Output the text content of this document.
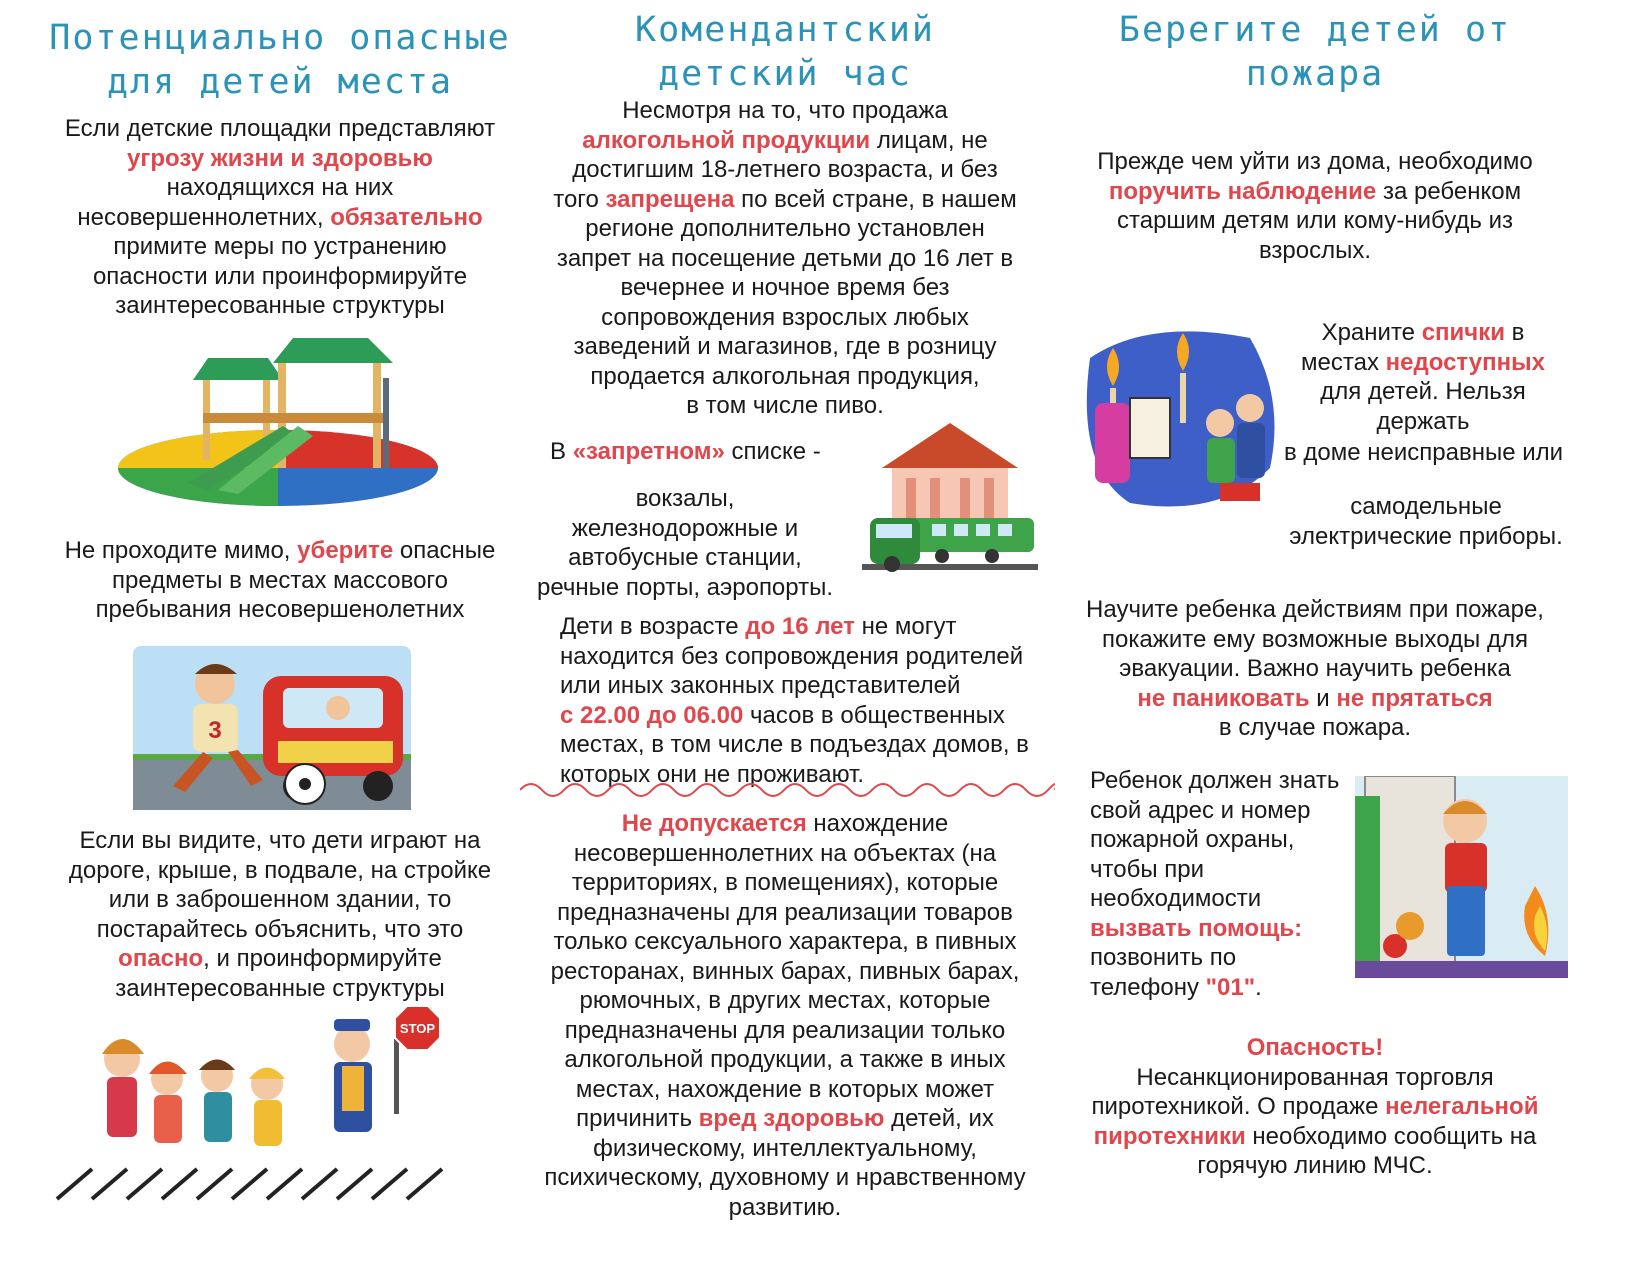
Потенциально опасные
для детей места

Если детские площадки представляют
угрозу жизни и здоровью
находящихся на них
несовершеннолетних, обязательно
примите меры по устранению
опасности или проинформируйте
заинтересованные структуры

Не проходите мимо, уберите опасные
предметы в местах массового
пребывания несовершенолетних

3

Если вы видите, что дети играют на
дороге, крыше, в подвале, на стройке
или в заброшенном здании, то
постарайтесь объяснить, что это
опасно, и проинформируйте
заинтересованные структуры

STOP
Комендантский
детский час

Несмотря на то, что продажа
алкогольной продукции лицам, не
достигшим 18-летнего возраста, и без
того запрещена по всей стране, в нашем
регионе дополнительно установлен
запрет на посещение детьми до 16 лет в
вечернее и ночное время без
сопровождения взрослых любых
заведений и магазинов, где в розницу
продается алкогольная продукция,
в том числе пиво.

В «запретном» списке -

вокзалы,
железнодорожные и
автобусные станции,
речные порты, аэропорты.

Дети в возрасте до 16 лет не могут
находится без сопровождения родителей
или иных законных представителей
с 22.00 до 06.00 часов в общественных
местах, в том числе в подъездах домов, в
которых они не проживают.

Не допускается нахождение
несовершеннолетних на объектах (на
территориях, в помещениях), которые
предназначены для реализации товаров
только сексуального характера, в пивных
ресторанах, винных барах, пивных барах,
рюмочных, в других местах, которые
предназначены для реализации только
алкогольной продукции, а также в иных
местах, нахождение в которых может
причинить вред здоровью детей, их
физическому, интеллектуальному,
психическому, духовному и нравственному
развитию.

Берегите детей от
пожара

Прежде чем уйти из дома, необходимо
поручить наблюдение за ребенком
старшим детям или кому-нибудь из
взрослых.

Храните спички в
местах недоступных
для детей. Нельзя
держать

в доме неисправные или

самодельные
электрические приборы.

Научите ребенка действиям при пожаре,
покажите ему возможные выходы для
эвакуации. Важно научить ребенка
не паниковать и не прятаться
в случае пожара.

Ребенок должен знать
свой адрес и номер
пожарной охраны,
чтобы при
необходимости
вызвать помощь:
позвонить по
телефону "01".

Опасность!
Несанкционированная торговля
пиротехникой. О продаже нелегальной
пиротехники необходимо сообщить на
горячую линию МЧС.
